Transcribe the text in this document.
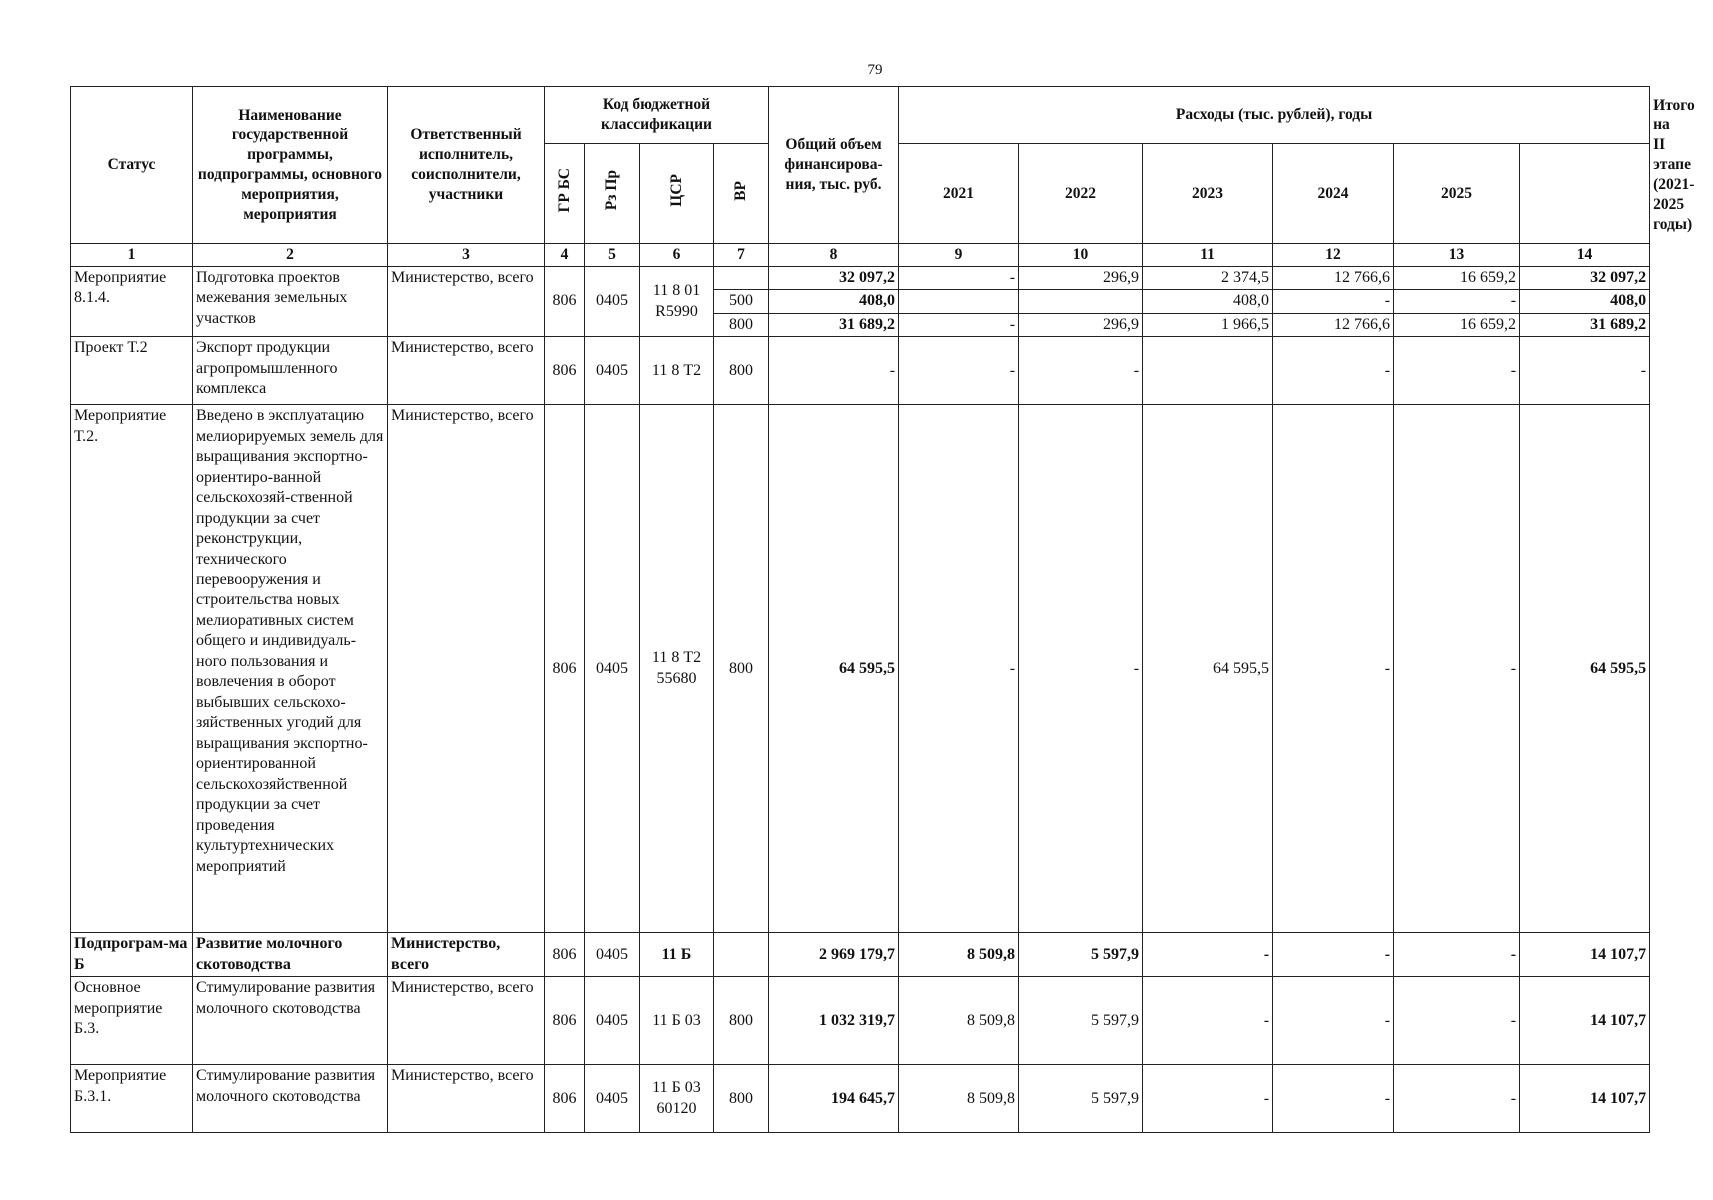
79
Статус	Наименование государственной программы, подпрограммы, основного мероприятия, мероприятия	Ответственный исполнитель, соисполнители, участники	Код бюджетной классификации				Общий объем финансирова-ния, тыс. руб.	Расходы (тыс. рублей), годы						Итого на II этапе (2021-2025 годы)
			ГР БС	Рз Пр	ЦСР	ВР		2021	2022	2023	2024	2025		
1	2	3	4	5	6	7	8	9	10	11	12	13	14	
Мероприятие 8.1.4.	Подготовка проектов межевания земельных участков	Министерство, всего	806	0405	11 8 01 R5990		32 097,2	-	296,9	2 374,5	12 766,6	16 659,2	32 097,2	
						500	408,0			408,0	-	-	408,0	
						800	31 689,2	-	296,9	1 966,5	12 766,6	16 659,2	31 689,2	
Проект Т.2	Экспорт продукции агропромышленного комплекса	Министерство, всего	806	0405	11 8 Т2	800	-	-	-		-	-	-	
Мероприятие Т.2.	Введено в эксплуатацию мелиорируемых земель для выращивания экспортно-ориентиро-ванной сельскохозяй-ственной продукции за счет реконструкции, технического перевооружения и строительства новых мелиоративных систем общего и индивидуаль-ного пользования и вовлечения в оборот выбывших сельскохо-зяйственных угодий для выращивания экспортно-ориентированной сельскохозяйственной продукции за счет проведения культуртехнических мероприятий	Министерство, всего	806	0405	11 8 Т2 55680	800	64 595,5	-	-	64 595,5	-	-	64 595,5	
Подпрограм-ма Б	Развитие молочного скотоводства	Министерство, всего	806	0405	11 Б		2 969 179,7	8 509,8	5 597,9	-	-	-	14 107,7	
Основное мероприятие Б.3.	Стимулирование развития молочного скотоводства	Министерство, всего	806	0405	11 Б 03	800	1 032 319,7	8 509,8	5 597,9	-	-	-	14 107,7	
Мероприятие Б.3.1.	Стимулирование развития молочного скотоводства	Министерство, всего	806	0405	11 Б 03 60120	800	194 645,7	8 509,8	5 597,9	-	-	-	14 107,7	
